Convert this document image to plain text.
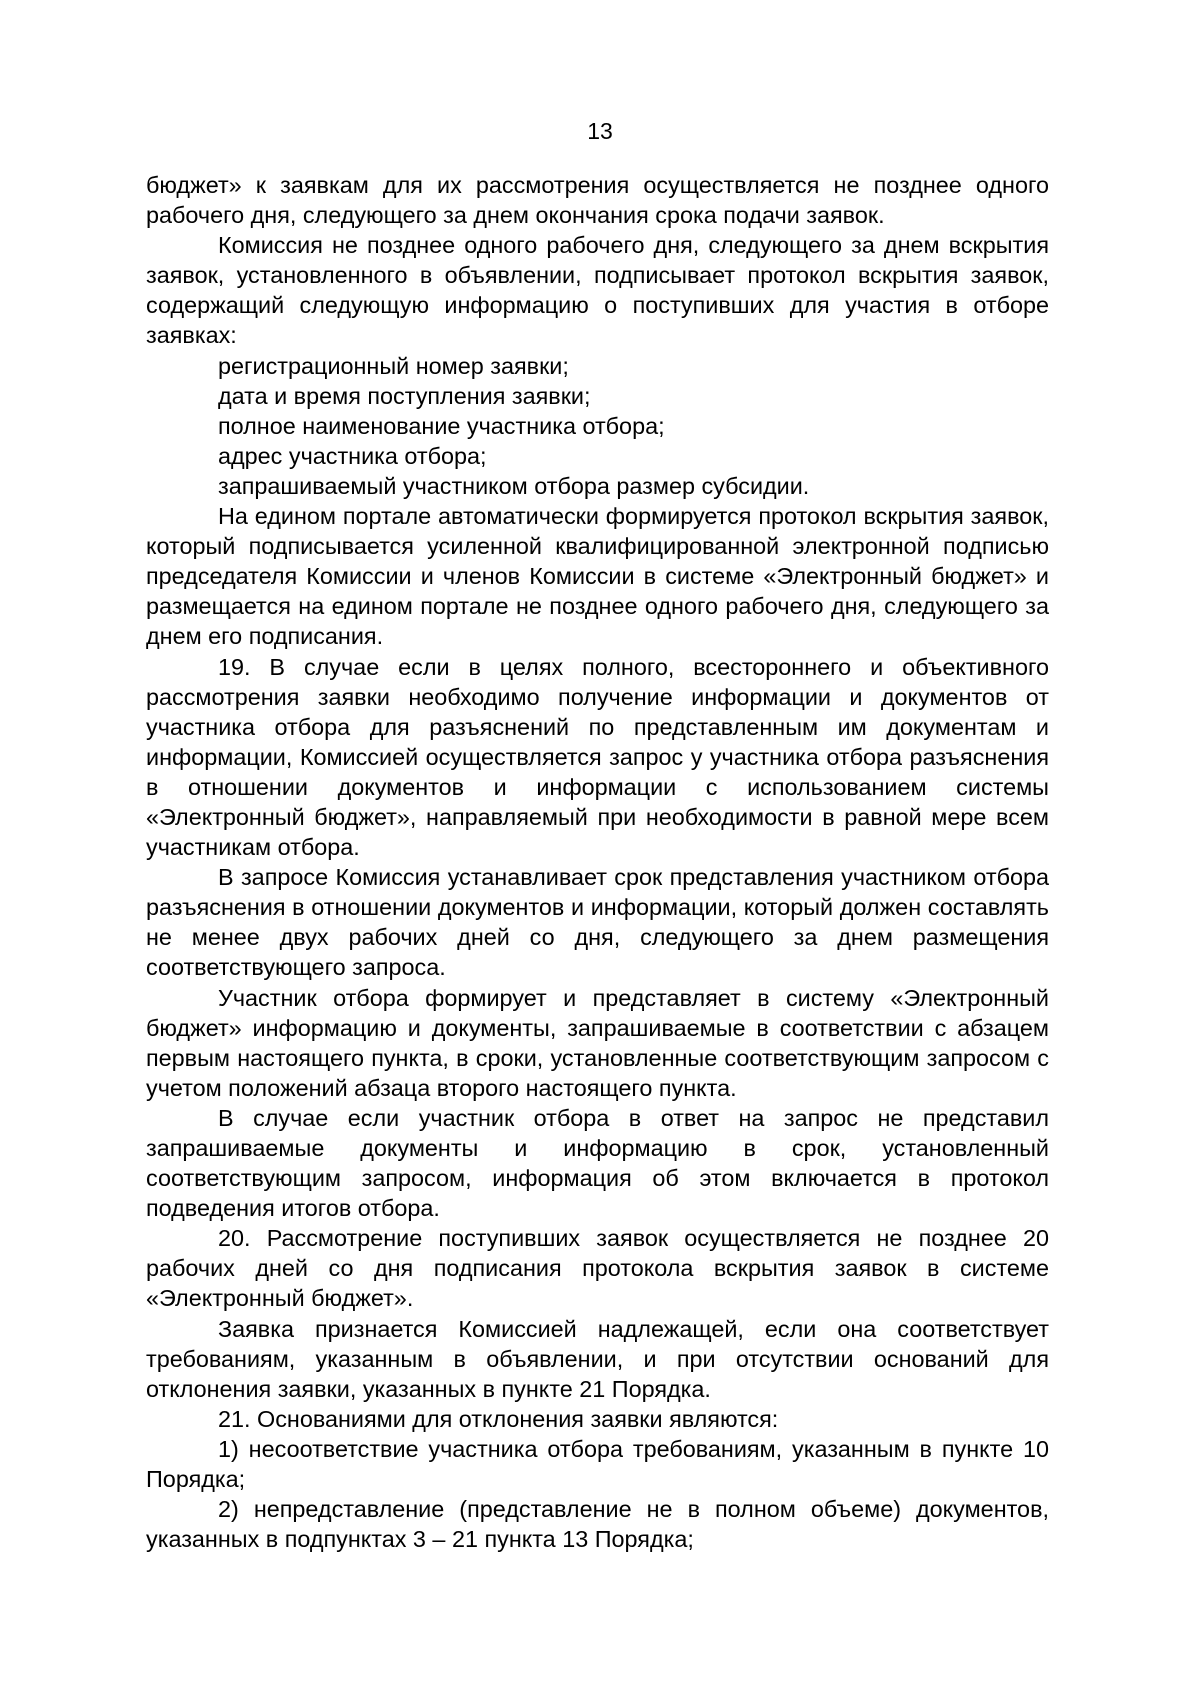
13

бюджет» к заявкам для их рассмотрения осуществляется не позднее одного рабочего дня, следующего за днем окончания срока подачи заявок.

Комиссия не позднее одного рабочего дня, следующего за днем вскрытия заявок, установленного в объявлении, подписывает протокол вскрытия заявок, содержащий следующую информацию о поступивших для участия в отборе заявках:

регистрационный номер заявки;

дата и время поступления заявки;

полное наименование участника отбора;

адрес участника отбора;

запрашиваемый участником отбора размер субсидии.

На едином портале автоматически формируется протокол вскрытия заявок, который подписывается усиленной квалифицированной электронной подписью председателя Комиссии и членов Комиссии в системе «Электронный бюджет» и размещается на едином портале не позднее одного рабочего дня, следующего за днем его подписания.

19. В случае если в целях полного, всестороннего и объективного рассмотрения заявки необходимо получение информации и документов от участника отбора для разъяснений по представленным им документам и информации, Комиссией осуществляется запрос у участника отбора разъяснения в отношении документов и информации с использованием системы «Электронный бюджет», направляемый при необходимости в равной мере всем участникам отбора.

В запросе Комиссия устанавливает срок представления участником отбора разъяснения в отношении документов и информации, который должен составлять не менее двух рабочих дней со дня, следующего за днем размещения соответствующего запроса.

Участник отбора формирует и представляет в систему «Электронный бюджет» информацию и документы, запрашиваемые в соответствии с абзацем первым настоящего пункта, в сроки, установленные соответствующим запросом с учетом положений абзаца второго настоящего пункта.

В случае если участник отбора в ответ на запрос не представил запрашиваемые документы и информацию в срок, установленный соответствующим запросом, информация об этом включается в протокол подведения итогов отбора.

20. Рассмотрение поступивших заявок осуществляется не позднее 20 рабочих дней со дня подписания протокола вскрытия заявок в системе «Электронный бюджет».

Заявка признается Комиссией надлежащей, если она соответствует требованиям, указанным в объявлении, и при отсутствии оснований для отклонения заявки, указанных в пункте 21 Порядка.

21. Основаниями для отклонения заявки являются:

1) несоответствие участника отбора требованиям, указанным в пункте 10 Порядка;

2) непредставление (представление не в полном объеме) документов, указанных в подпунктах 3 – 21 пункта 13 Порядка;
